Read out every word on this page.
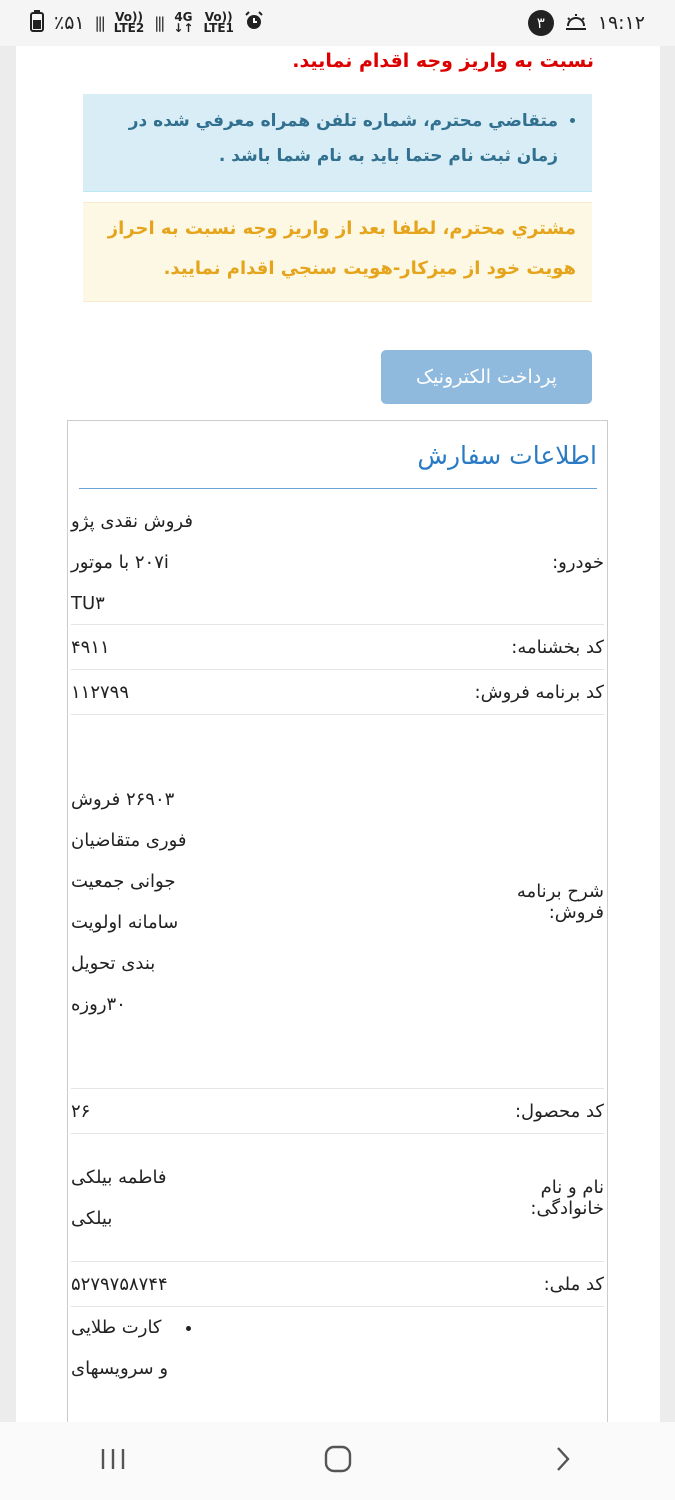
٪۵۱ ||| Vo))
LTE2 ||| 4G
↓↑
Vo))
LTE1	۳	۱۹:۱۲

نسبت به واريز وجه اقدام نماييد.

• متقاضي محترم، شماره تلفن همراه معرفي شده در زمان ثبت نام حتما بايد به نام شما باشد .

مشتري محترم، لطفا بعد از واريز وجه نسبت به احراز هويت خود از ميزكار-هويت سنجي اقدام نماييد.

پرداخت الکترونیک
اطلاعات سفارش
خودرو:
فروش نقدی پژو ۲۰۷i با موتور TU۳
کد بخشنامه:
۴۹۱۱
کد برنامه فروش:
۱۱۲۷۹۹
شرح برنامه فروش:
۲۶۹۰۳ فروش فوری متقاضیان جوانی جمعیت سامانه اولویت بندی تحویل ۳۰روزه
کد محصول:
۲۶
نام و نام خانوادگی:
فاطمه بیلکی بیلکی
کد ملی:
۵۲۷۹۷۵۸۷۴۴
• کارت طلایی و سرویسهای
